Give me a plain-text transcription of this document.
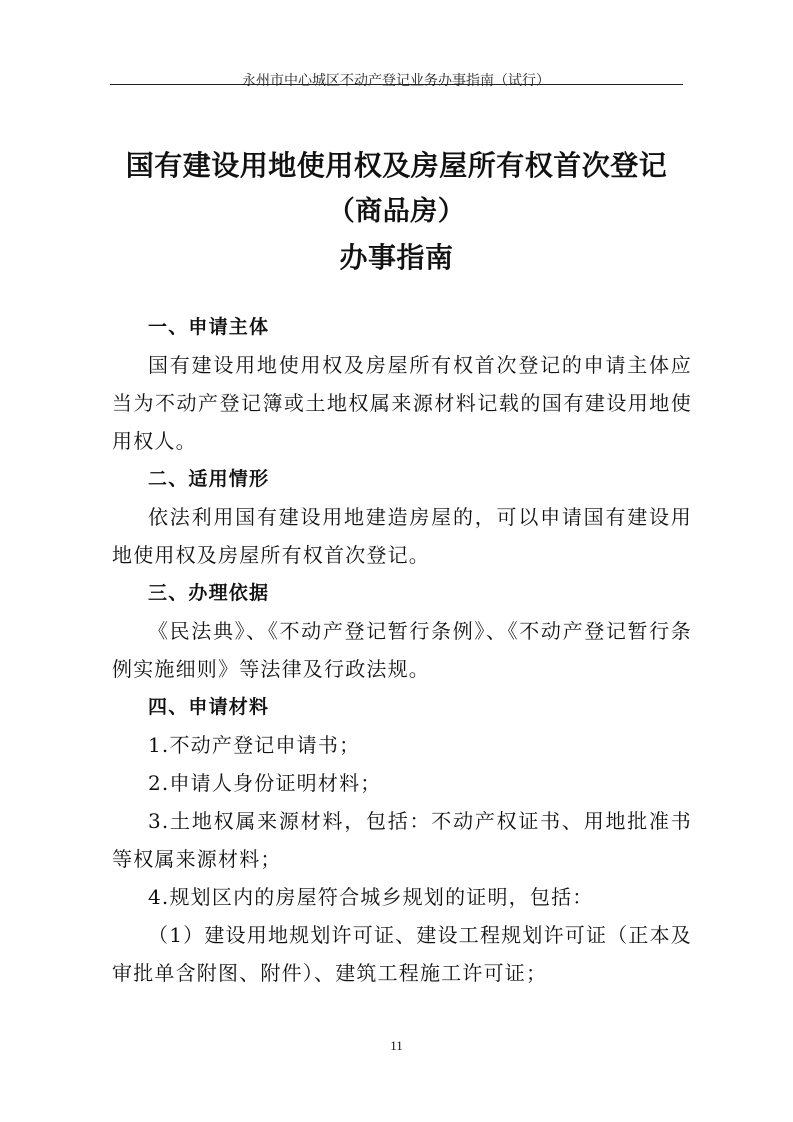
永州市中心城区不动产登记业务办事指南（试行）
国有建设用地使用权及房屋所有权首次登记
（商品房）
办事指南
一、申请主体

国有建设用地使用权及房屋所有权首次登记的申请主体应当为不动产登记簿或土地权属来源材料记载的国有建设用地使用权人。

二、适用情形

依法利用国有建设用地建造房屋的，可以申请国有建设用地使用权及房屋所有权首次登记。

三、办理依据

《民法典》、《不动产登记暂行条例》、《不动产登记暂行条例实施细则》等法律及行政法规。

四、申请材料

1.不动产登记申请书；

2.申请人身份证明材料；

3.土地权属来源材料，包括：不动产权证书、用地批准书等权属来源材料；

4.规划区内的房屋符合城乡规划的证明，包括：

（1）建设用地规划许可证、建设工程规划许可证（正本及审批单含附图、附件）、建筑工程施工许可证；

11
